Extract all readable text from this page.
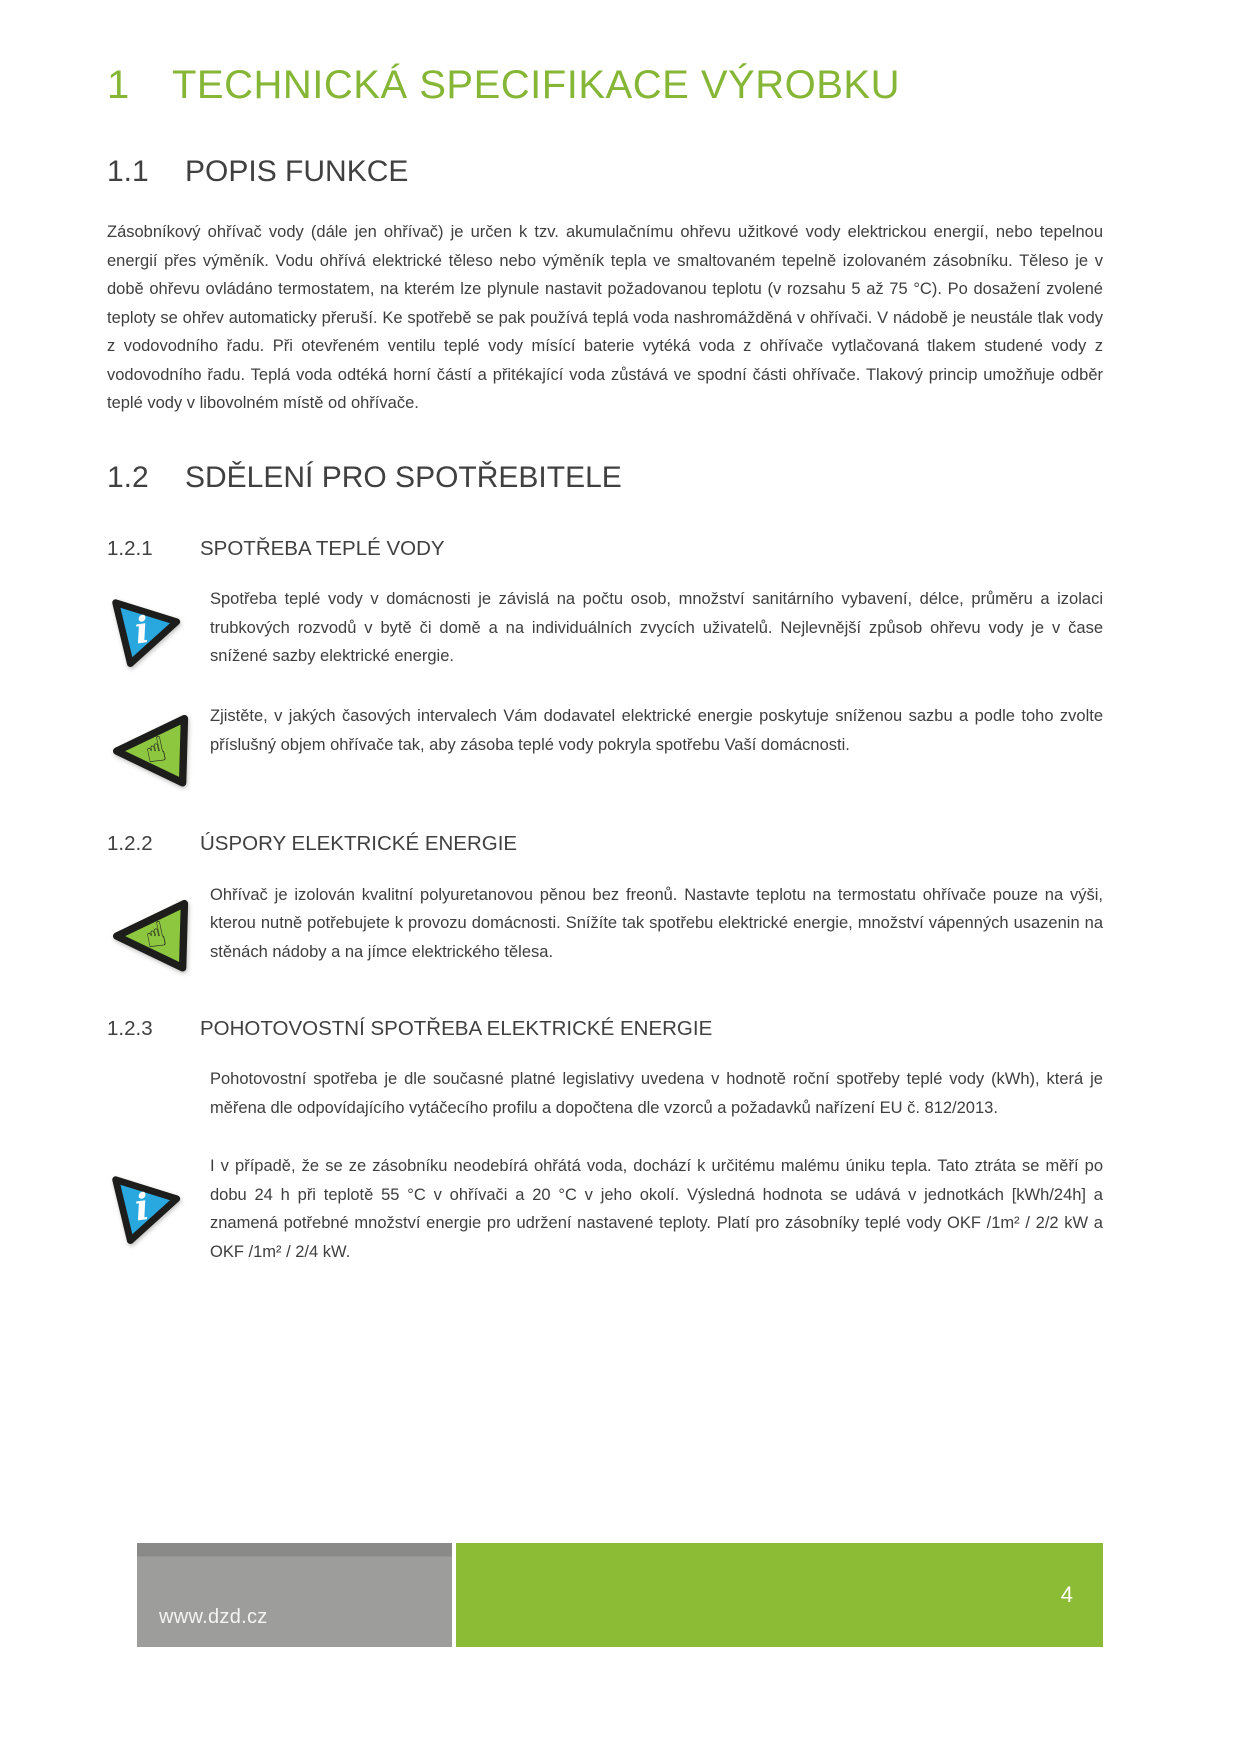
1 TECHNICKÁ SPECIFIKACE VÝROBKU
1.1 POPIS FUNKCE

Zásobníkový ohřívač vody (dále jen ohřívač) je určen k tzv. akumulačnímu ohřevu užitkové vody elektrickou energií, nebo tepelnou energií přes výměník. Vodu ohřívá elektrické těleso nebo výměník tepla ve smaltovaném tepelně izolovaném zásobníku. Těleso je v době ohřevu ovládáno termostatem, na kterém lze plynule nastavit požadovanou teplotu (v rozsahu 5 až 75 °C). Po dosažení zvolené teploty se ohřev automaticky přeruší. Ke spotřebě se pak používá teplá voda nashromážděná v ohřívači. V nádobě je neustále tlak vody z vodovodního řadu. Při otevřeném ventilu teplé vody mísící baterie vytéká voda z ohřívače vytlačovaná tlakem studené vody z vodovodního řadu. Teplá voda odtéká horní částí a přitékající voda zůstává ve spodní části ohřívače. Tlakový princip umožňuje odběr teplé vody v libovolném místě od ohřívače.

1.2 SDĚLENÍ PRO SPOTŘEBITELE
1.2.1 SPOTŘEBA TEPLÉ VODY
i

Spotřeba teplé vody v domácnosti je závislá na počtu osob, množství sanitárního vybavení, délce, průměru a izolaci trubkových rozvodů v bytě či domě a na individuálních zvycích uživatelů. Nejlevnější způsob ohřevu vody je v čase snížené sazby elektrické energie.

☝

Zjistěte, v jakých časových intervalech Vám dodavatel elektrické energie poskytuje sníženou sazbu a podle toho zvolte příslušný objem ohřívače tak, aby zásoba teplé vody pokryla spotřebu Vaší domácnosti.

1.2.2 ÚSPORY ELEKTRICKÉ ENERGIE
☝

Ohřívač je izolován kvalitní polyuretanovou pěnou bez freonů. Nastavte teplotu na termostatu ohřívače pouze na výši, kterou nutně potřebujete k provozu domácnosti. Snížíte tak spotřebu elektrické energie, množství vápenných usazenin na stěnách nádoby a na jímce elektrického tělesa.

1.2.3 POHOTOVOSTNÍ SPOTŘEBA ELEKTRICKÉ ENERGIE

Pohotovostní spotřeba je dle současné platné legislativy uvedena v hodnotě roční spotřeby teplé vody (kWh), která je měřena dle odpovídajícího vytáčecího profilu a dopočtena dle vzorců a požadavků nařízení EU č. 812/2013.

i

I v případě, že se ze zásobníku neodebírá ohřátá voda, dochází k určitému malému úniku tepla. Tato ztráta se měří po dobu 24 h při teplotě 55 °C v ohřívači a 20 °C v jeho okolí. Výsledná hodnota se udává v jednotkách [kWh/24h] a znamená potřebné množství energie pro udržení nastavené teploty. Platí pro zásobníky teplé vody OKF /1m² / 2/2 kW a OKF /1m² / 2/4 kW.

www.dzd.cz
4
